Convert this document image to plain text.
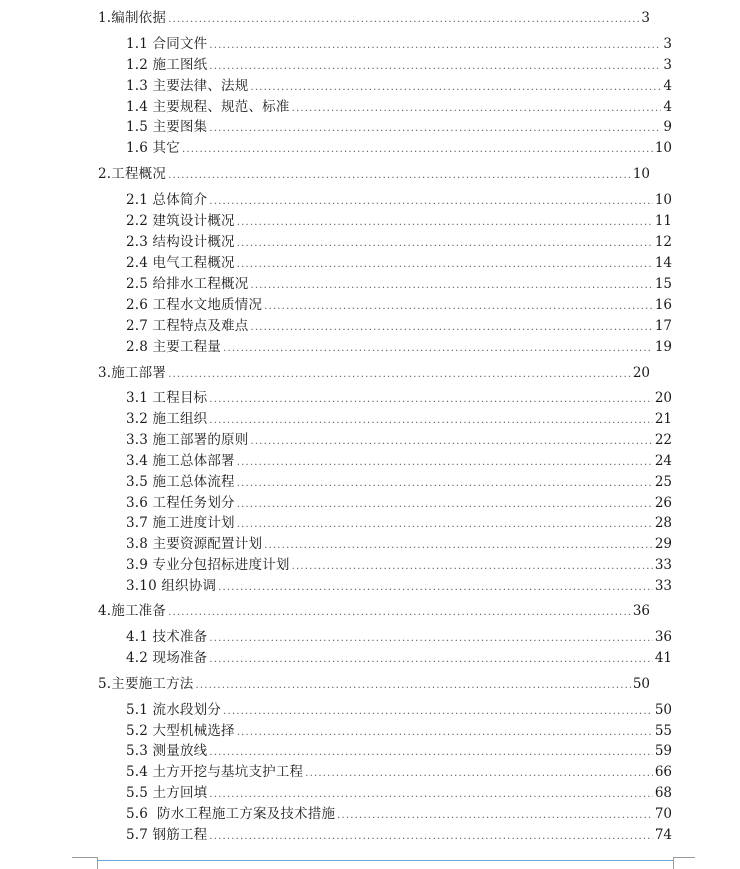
1.编制依据 .....	3
1.1 合同文件 .....	3
1.2 施工图纸 .....	3
1.3 主要法律、法规 .....	4
1.4 主要规程、规范、标准 .....	4
1.5 主要图集 .....	9
1.6 其它 .....	10
2.工程概况 .....	10
2.1 总体简介 .....	10
2.2 建筑设计概况 .....	11
2.3 结构设计概况 .....	12
2.4 电气工程概况 .....	14
2.5 给排水工程概况 .....	15
2.6 工程水文地质情况 .....	16
2.7 工程特点及难点 .....	17
2.8 主要工程量 .....	19
3.施工部署 .....	20
3.1 工程目标 .....	20
3.2 施工组织 .....	21
3.3 施工部署的原则 .....	22
3.4 施工总体部署 .....	24
3.5 施工总体流程 .....	25
3.6 工程任务划分 .....	26
3.7 施工进度计划 .....	28
3.8 主要资源配置计划 .....	29
3.9 专业分包招标进度计划 .....	33
3.10 组织协调 .....	33
4.施工准备 .....	36
4.1 技术准备 .....	36
4.2 现场准备 .....	41
5.主要施工方法 .....	50
5.1 流水段划分 .....	50
5.2 大型机械选择 .....	55
5.3 测量放线 .....	59
5.4 土方开挖与基坑支护工程 .....	66
5.5 土方回填 .....	68
5.6  防水工程施工方案及技术措施 .....	70
5.7 钢筋工程 .....	74
